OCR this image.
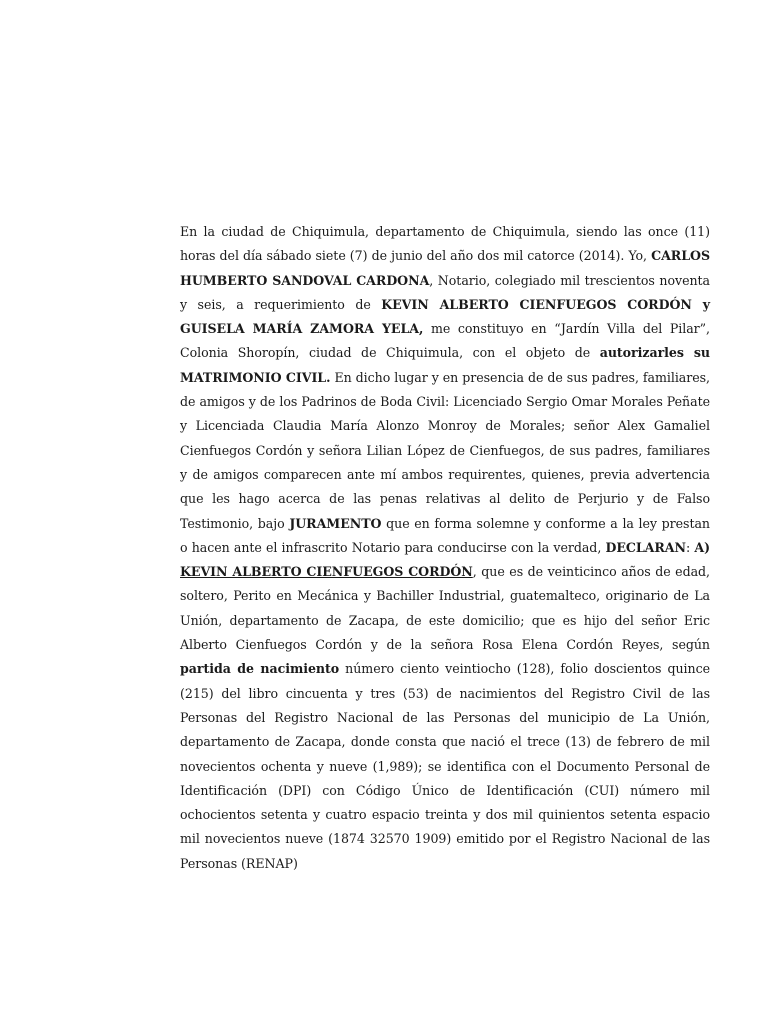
En la ciudad de Chiquimula, departamento de Chiquimula, siendo las once (11) horas del día sábado siete (7) de junio del año dos mil catorce (2014). Yo, CARLOS HUMBERTO SANDOVAL CARDONA, Notario, colegiado mil trescientos noventa y seis, a requerimiento de KEVIN ALBERTO CIENFUEGOS CORDÓN y GUISELA MARÍA ZAMORA YELA, me constituyo en “Jardín Villa del Pilar”, Colonia Shoropín, ciudad de Chiquimula, con el objeto de autorizarles su MATRIMONIO CIVIL. En dicho lugar y en presencia de de sus padres, familiares, de amigos y de los Padrinos de Boda Civil: Licenciado Sergio Omar Morales Peñate y Licenciada Claudia María Alonzo Monroy de Morales; señor Alex Gamaliel Cienfuegos Cordón y señora Lilian López de Cienfuegos, de sus padres, familiares y de amigos comparecen ante mí ambos requirentes, quienes, previa advertencia que les hago acerca de las penas relativas al delito de Perjurio y de Falso Testimonio, bajo JURAMENTO que en forma solemne y conforme a la ley prestan o hacen ante el infrascrito Notario para conducirse con la verdad, DECLARAN: A) KEVIN ALBERTO CIENFUEGOS CORDÓN, que es de veinticinco años de edad, soltero, Perito en Mecánica y Bachiller Industrial, guatemalteco, originario de La Unión, departamento de Zacapa, de este domicilio; que es hijo del señor Eric Alberto Cienfuegos Cordón y de la señora Rosa Elena Cordón Reyes, según partida de nacimiento número ciento veintiocho (128), folio doscientos quince (215) del libro cincuenta y tres (53) de nacimientos del Registro Civil de las Personas del Registro Nacional de las Personas del municipio de La Unión, departamento de Zacapa, donde consta que nació el trece (13) de febrero de mil novecientos ochenta y nueve (1,989); se identifica con el Documento Personal de Identificación (DPI) con Código Único de Identificación (CUI) número mil ochocientos setenta y cuatro espacio treinta y dos mil quinientos setenta espacio mil novecientos nueve (1874 32570 1909) emitido por el Registro Nacional de las Personas (RENAP)
